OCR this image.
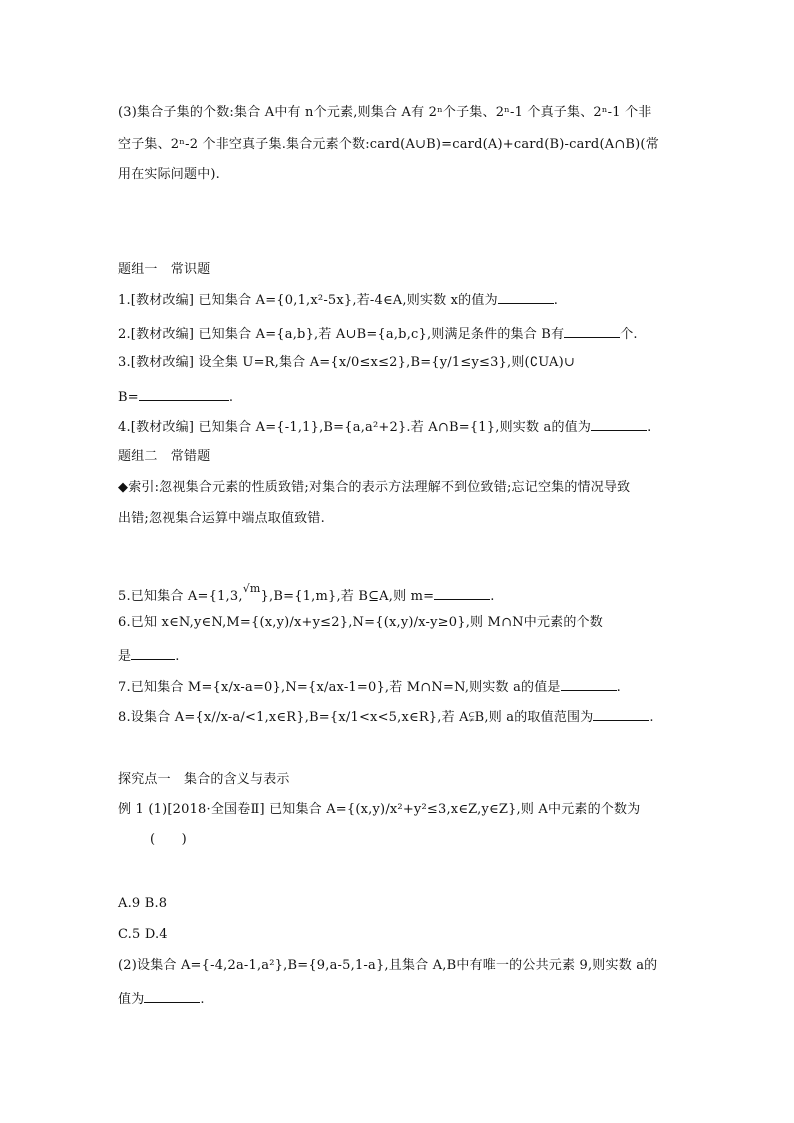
(3)集合子集的个数:集合 A中有 n个元素,则集合 A有 2ⁿ个子集、2ⁿ-1 个真子集、2ⁿ-1 个非
空子集、2ⁿ-2 个非空真子集.集合元素个数:card(A∪B)=card(A)+card(B)-card(A∩B)(常
用在实际问题中).
题组一　常识题
1.[教材改编] 已知集合 A={0,1,x²-5x},若-4∈A,则实数 x的值为	.
2.[教材改编] 已知集合 A={a,b},若 A∪B={a,b,c},则满足条件的集合 B有	个.
3.[教材改编] 设全集 U=R,集合 A={x/0≤x≤2},B={y/1≤y≤3},则(∁UA)∪
B=	.
4.[教材改编] 已知集合 A={-1,1},B={a,a²+2}.若 A∩B={1},则实数 a的值为	.
题组二　常错题
◆索引:忽视集合元素的性质致错;对集合的表示方法理解不到位致错;忘记空集的情况导致
出错;忽视集合运算中端点取值致错.
5.已知集合 A={1,3,$^{√m}$},B={1,m},若 B⊆A,则 m=	.
6.已知 x∈N,y∈N,M={(x,y)/x+y≤2},N={(x,y)/x-y≥0},则 M∩N中元素的个数
是	.
7.已知集合 M={x/x-a=0},N={x/ax-1=0},若 M∩N=N,则实数 a的值是	.
8.设集合 A={x//x-a/<1,x∈R},B={x/1<x<5,x∈R},若 A⫋B,则 a的取值范围为	.
探究点一　集合的含义与表示
例 1 (1)[2018·全国卷Ⅱ] 已知集合 A={(x,y)/x²+y²≤3,x∈Z,y∈Z},则 A中元素的个数为
(　　)
A.9 B.8
C.5 D.4
(2)设集合 A={-4,2a-1,a²},B={9,a-5,1-a},且集合 A,B中有唯一的公共元素 9,则实数 a的
值为	.
